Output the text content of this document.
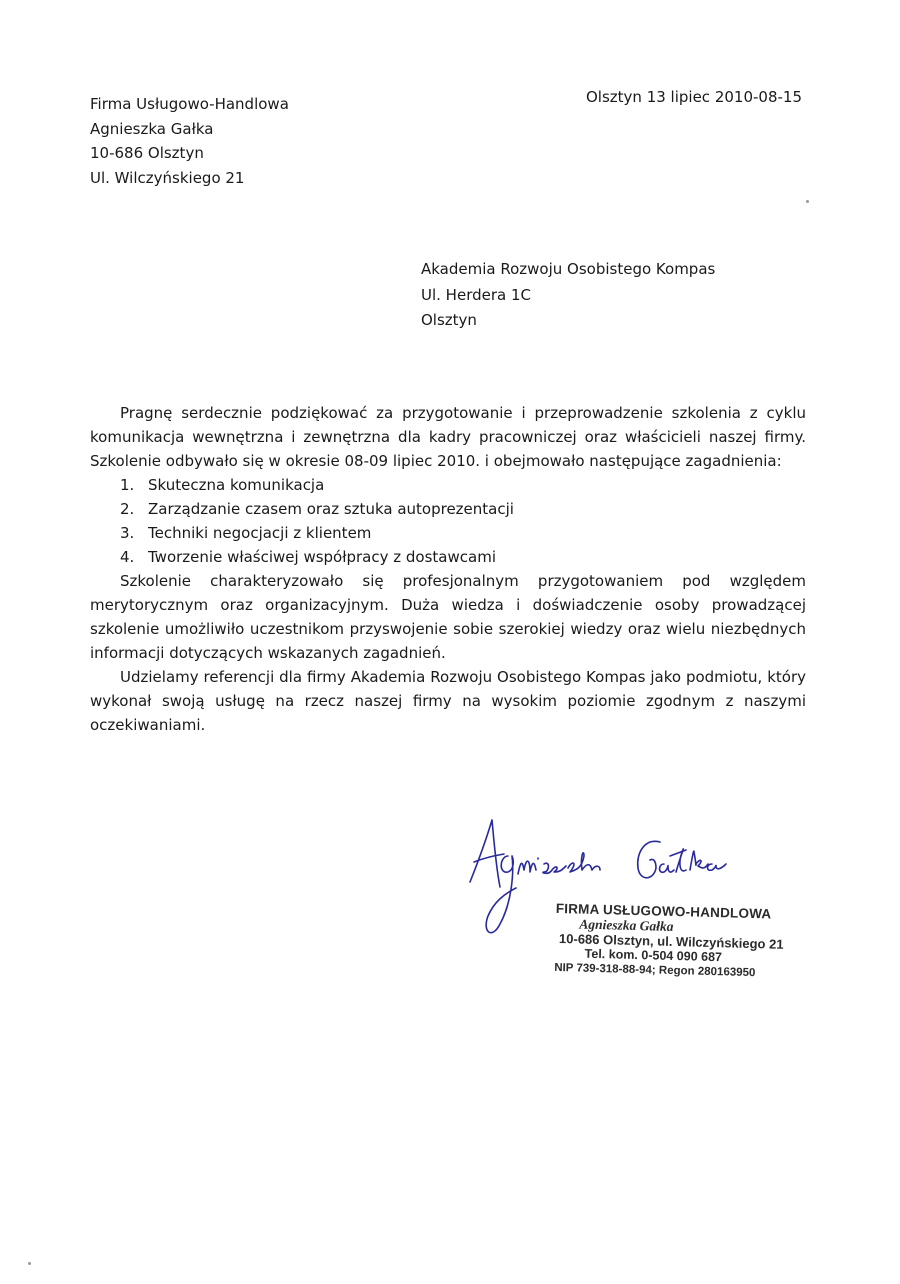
Firma Usługowo-Handlowa
Agnieszka Gałka
10-686 Olsztyn
Ul. Wilczyńskiego 21
Olsztyn 13 lipiec 2010-08-15
Akademia Rozwoju Osobistego Kompas
Ul. Herdera 1C
Olsztyn

Pragnę serdecznie podziękować za przygotowanie i przeprowadzenie szkolenia z cyklu komunikacja wewnętrzna i zewnętrzna dla kadry pracowniczej oraz właścicieli naszej firmy. Szkolenie odbywało się w okresie 08-09 lipiec 2010. i obejmowało następujące zagadnienia:

1. Skuteczna komunikacja
2. Zarządzanie czasem oraz sztuka autoprezentacji
3. Techniki negocjacji z klientem
4. Tworzenie właściwej współpracy z dostawcami

Szkolenie charakteryzowało się profesjonalnym przygotowaniem pod względem merytorycznym oraz organizacyjnym. Duża wiedza i doświadczenie osoby prowadzącej szkolenie umożliwiło uczestnikom przyswojenie sobie szerokiej wiedzy oraz wielu niezbędnych informacji dotyczących wskazanych zagadnień.

Udzielamy referencji dla firmy Akademia Rozwoju Osobistego Kompas jako podmiotu, który wykonał swoją usługę na rzecz naszej firmy na wysokim poziomie zgodnym z naszymi oczekiwaniami.

FIRMA USŁUGOWO-HANDLOWA
Agnieszka Gałka
10-686 Olsztyn, ul. Wilczyńskiego 21
Tel. kom. 0-504 090 687
NIP 739-318-88-94; Regon 280163950
